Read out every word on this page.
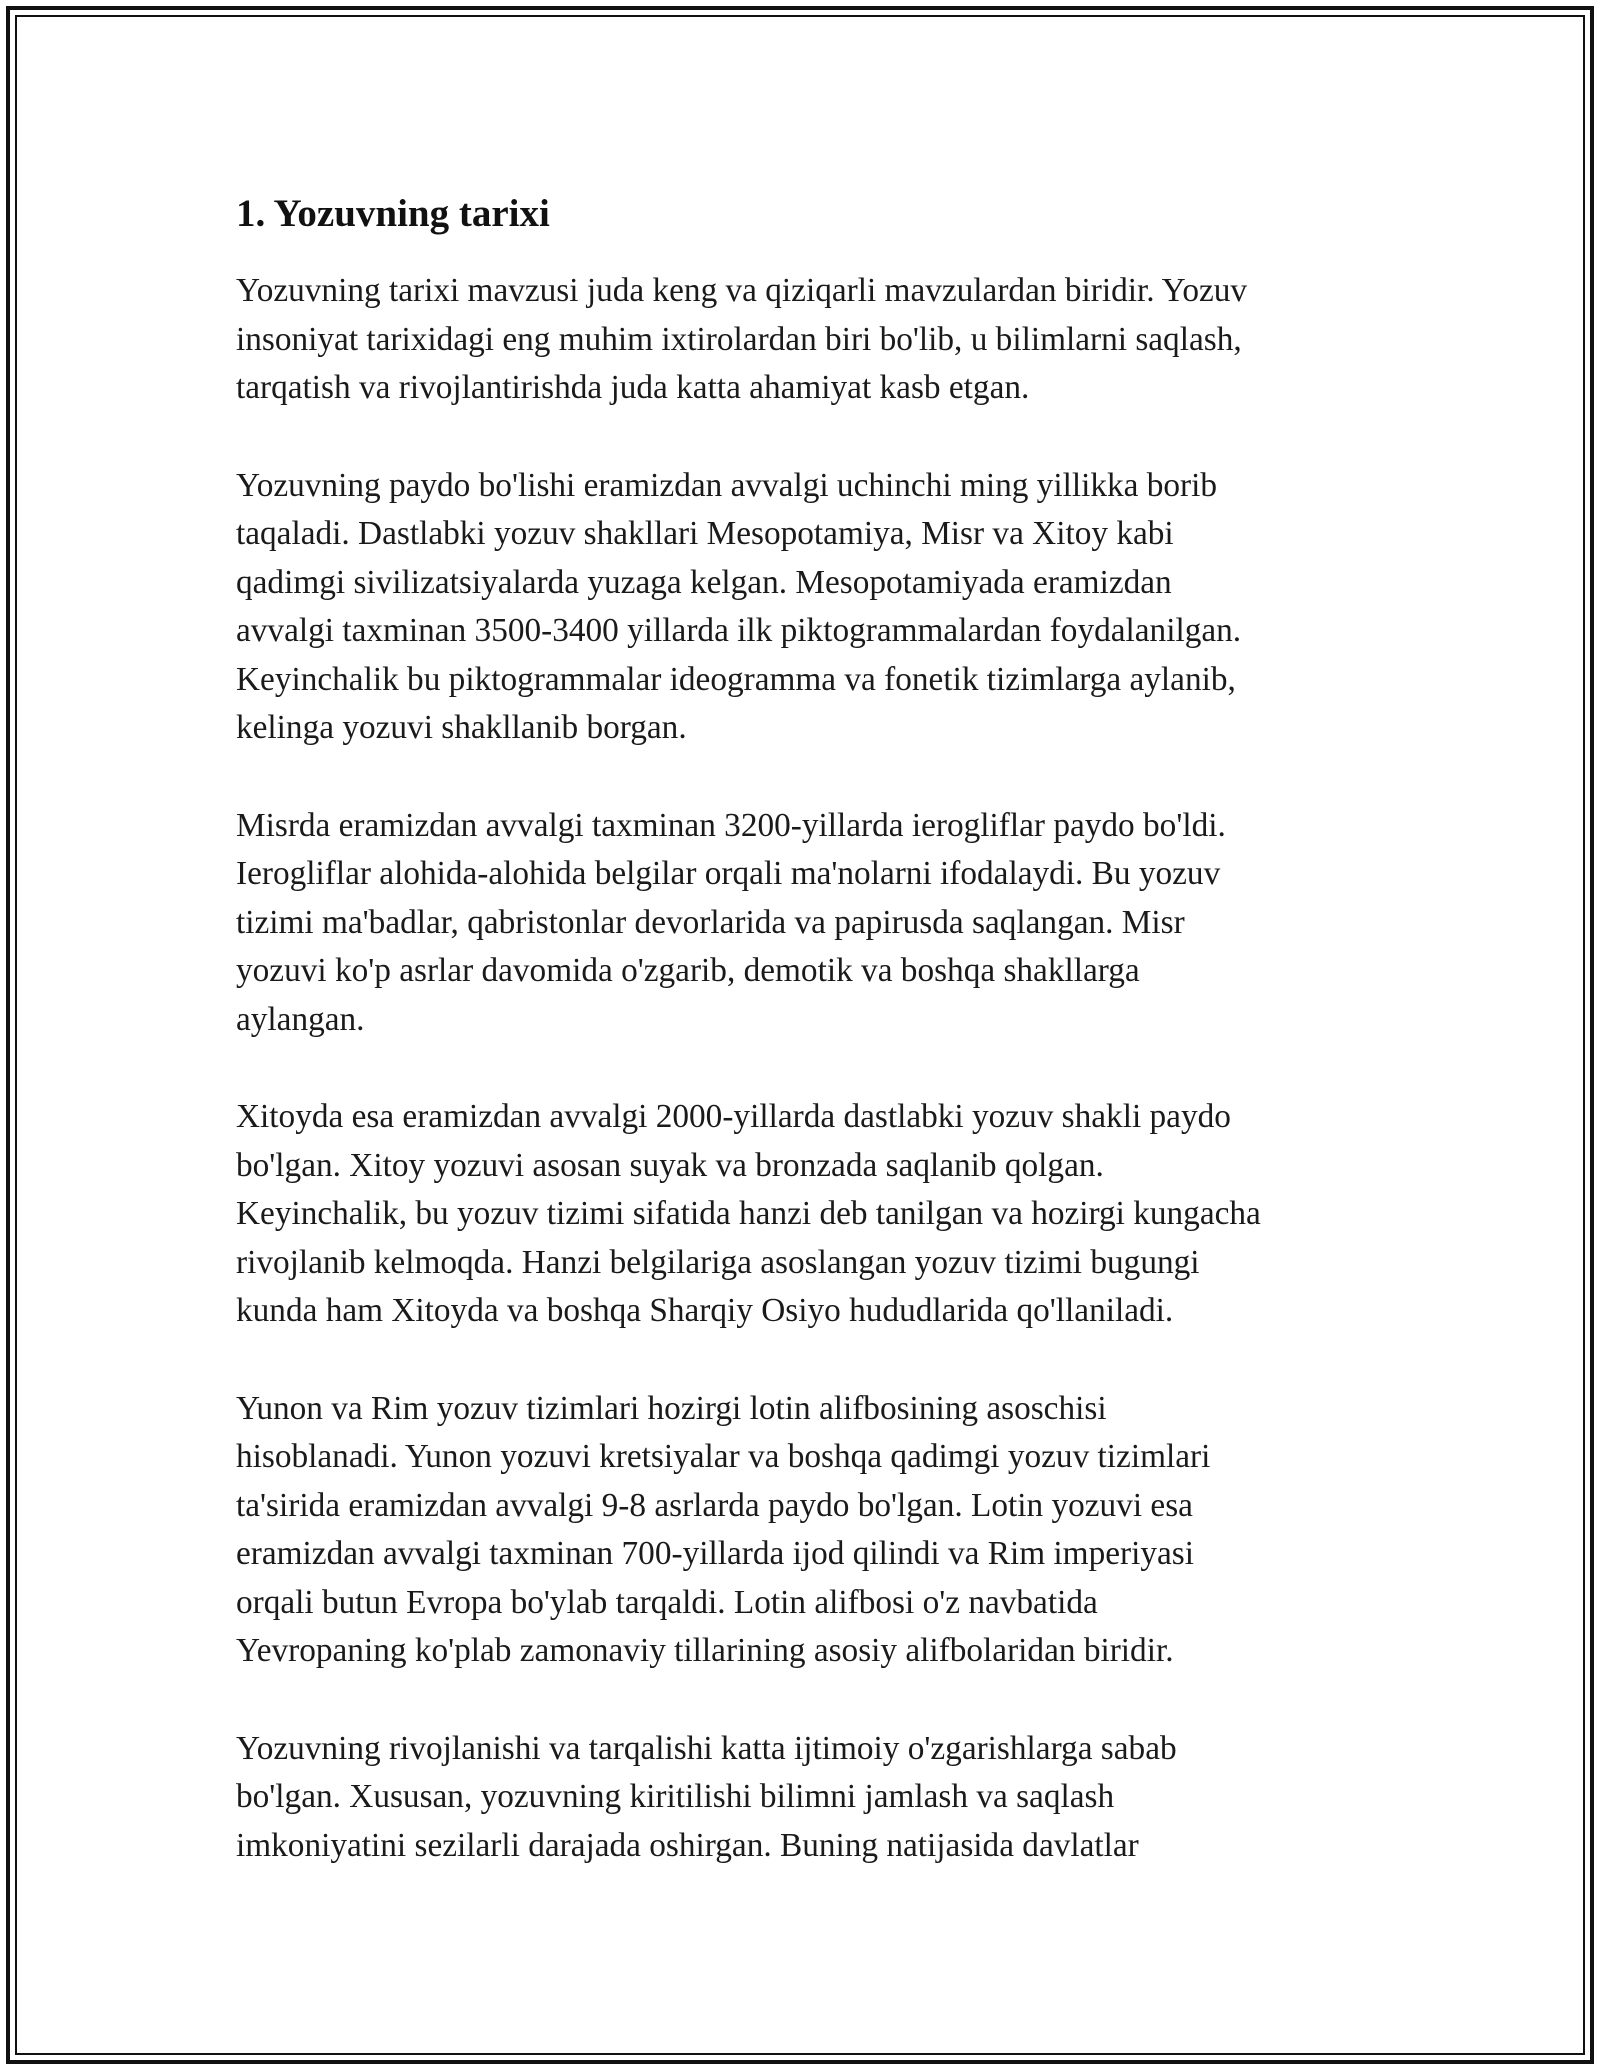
1. Yozuvning tarixi

Yozuvning tarixi mavzusi juda keng va qiziqarli mavzulardan biridir. Yozuv
insoniyat tarixidagi eng muhim ixtirolardan biri bo'lib, u bilimlarni saqlash,
tarqatish va rivojlantirishda juda katta ahamiyat kasb etgan.

Yozuvning paydo bo'lishi eramizdan avvalgi uchinchi ming yillikka borib
taqaladi. Dastlabki yozuv shakllari Mesopotamiya, Misr va Xitoy kabi
qadimgi sivilizatsiyalarda yuzaga kelgan. Mesopotamiyada eramizdan
avvalgi taxminan 3500-3400 yillarda ilk piktogrammalardan foydalanilgan.
Keyinchalik bu piktogrammalar ideogramma va fonetik tizimlarga aylanib,
kelinga yozuvi shakllanib borgan.

Misrda eramizdan avvalgi taxminan 3200-yillarda ierogliflar paydo bo'ldi.
Ierogliflar alohida-alohida belgilar orqali ma'nolarni ifodalaydi. Bu yozuv
tizimi ma'badlar, qabristonlar devorlarida va papirusda saqlangan. Misr
yozuvi ko'p asrlar davomida o'zgarib, demotik va boshqa shakllarga
aylangan.

Xitoyda esa eramizdan avvalgi 2000-yillarda dastlabki yozuv shakli paydo
bo'lgan. Xitoy yozuvi asosan suyak va bronzada saqlanib qolgan.
Keyinchalik, bu yozuv tizimi sifatida hanzi deb tanilgan va hozirgi kungacha
rivojlanib kelmoqda. Hanzi belgilariga asoslangan yozuv tizimi bugungi
kunda ham Xitoyda va boshqa Sharqiy Osiyo hududlarida qo'llaniladi.

Yunon va Rim yozuv tizimlari hozirgi lotin alifbosining asoschisi
hisoblanadi. Yunon yozuvi kretsiyalar va boshqa qadimgi yozuv tizimlari
ta'sirida eramizdan avvalgi 9-8 asrlarda paydo bo'lgan. Lotin yozuvi esa
eramizdan avvalgi taxminan 700-yillarda ijod qilindi va Rim imperiyasi
orqali butun Evropa bo'ylab tarqaldi. Lotin alifbosi o'z navbatida
Yevropaning ko'plab zamonaviy tillarining asosiy alifbolaridan biridir.

Yozuvning rivojlanishi va tarqalishi katta ijtimoiy o'zgarishlarga sabab
bo'lgan. Xususan, yozuvning kiritilishi bilimni jamlash va saqlash
imkoniyatini sezilarli darajada oshirgan. Buning natijasida davlatlar
